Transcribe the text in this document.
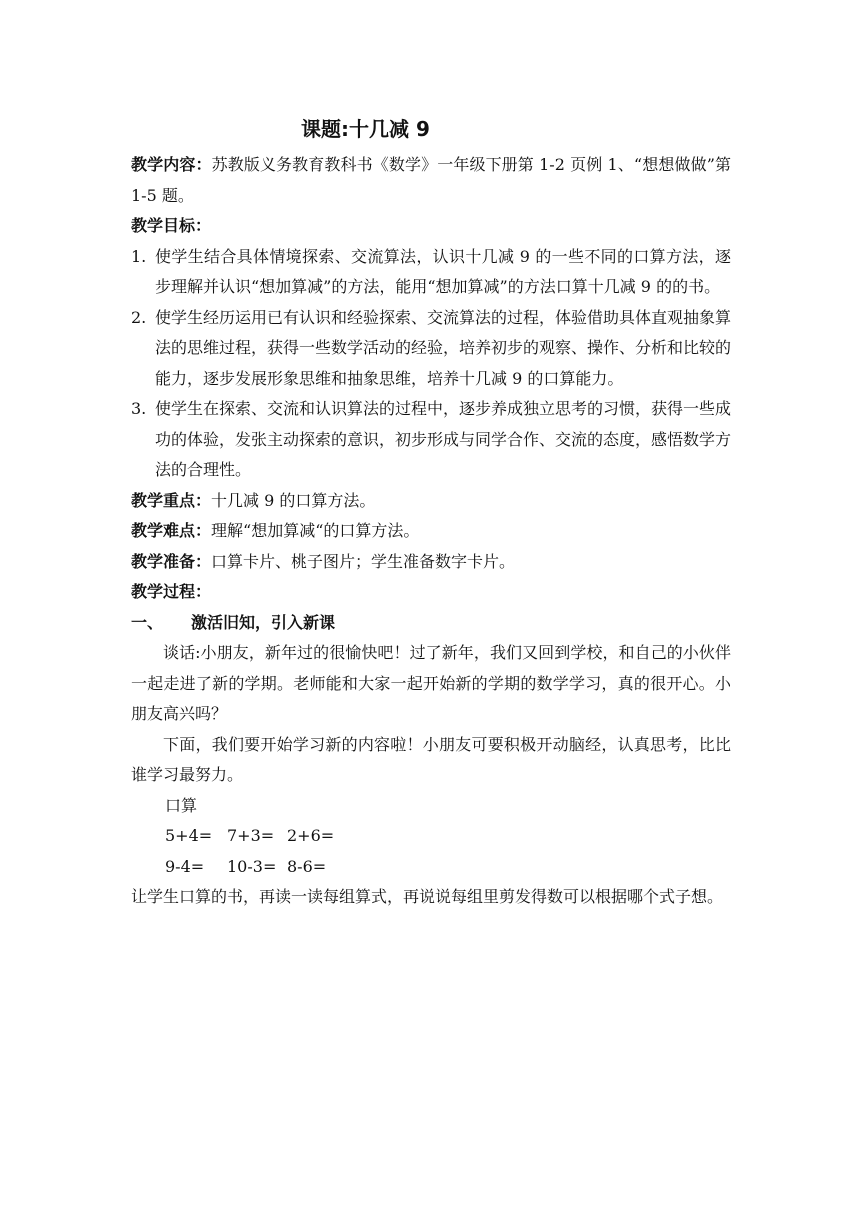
课题:十几减 9

教学内容：苏教版义务教育教科书《数学》一年级下册第 1-2 页例 1、“想想做做”第 1-5 题。

教学目标：

1. 使学生结合具体情境探索、交流算法，认识十几减 9 的一些不同的口算方法，逐步理解并认识“想加算减”的方法，能用“想加算减”的方法口算十几减 9 的的书。
2. 使学生经历运用已有认识和经验探索、交流算法的过程，体验借助具体直观抽象算法的思维过程，获得一些数学活动的经验，培养初步的观察、操作、分析和比较的能力，逐步发展形象思维和抽象思维，培养十几减 9 的口算能力。
3. 使学生在探索、交流和认识算法的过程中，逐步养成独立思考的习惯，获得一些成功的体验，发张主动探索的意识，初步形成与同学合作、交流的态度，感悟数学方法的合理性。

教学重点：十几减 9 的口算方法。

教学难点：理解“想加算减“的口算方法。

教学准备：口算卡片、桃子图片；学生准备数字卡片。

教学过程：

一、 激活旧知，引入新课

谈话:小朋友，新年过的很愉快吧！过了新年，我们又回到学校，和自己的小伙伴一起走进了新的学期。老师能和大家一起开始新的学期的数学学习，真的很开心。小朋友高兴吗？

下面，我们要开始学习新的内容啦！小朋友可要积极开动脑经，认真思考，比比谁学习最努力。

口算

5+4= 7+3= 2+6=

9-4= 10-3= 8-6=

让学生口算的书，再读一读每组算式，再说说每组里剪发得数可以根据哪个式子想。
